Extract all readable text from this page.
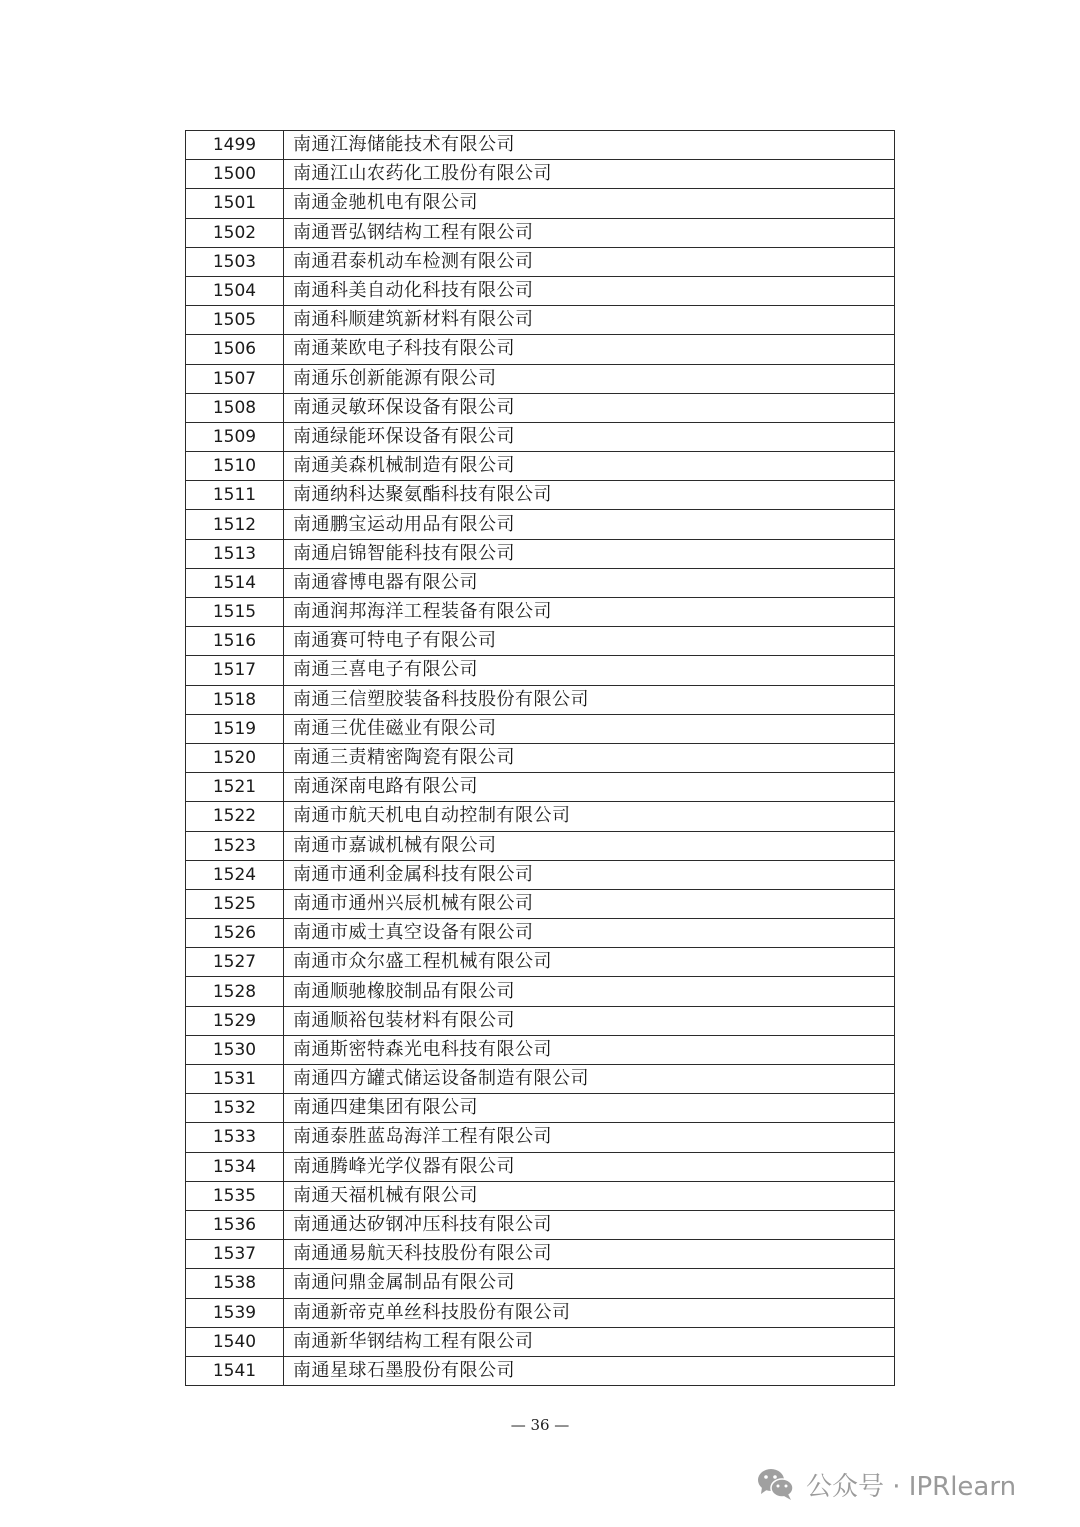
1499	南通江海储能技术有限公司
1500	南通江山农药化工股份有限公司
1501	南通金驰机电有限公司
1502	南通晋弘钢结构工程有限公司
1503	南通君泰机动车检测有限公司
1504	南通科美自动化科技有限公司
1505	南通科顺建筑新材料有限公司
1506	南通莱欧电子科技有限公司
1507	南通乐创新能源有限公司
1508	南通灵敏环保设备有限公司
1509	南通绿能环保设备有限公司
1510	南通美森机械制造有限公司
1511	南通纳科达聚氨酯科技有限公司
1512	南通鹏宝运动用品有限公司
1513	南通启锦智能科技有限公司
1514	南通睿博电器有限公司
1515	南通润邦海洋工程装备有限公司
1516	南通赛可特电子有限公司
1517	南通三喜电子有限公司
1518	南通三信塑胶装备科技股份有限公司
1519	南通三优佳磁业有限公司
1520	南通三责精密陶瓷有限公司
1521	南通深南电路有限公司
1522	南通市航天机电自动控制有限公司
1523	南通市嘉诚机械有限公司
1524	南通市通利金属科技有限公司
1525	南通市通州兴辰机械有限公司
1526	南通市威士真空设备有限公司
1527	南通市众尔盛工程机械有限公司
1528	南通顺驰橡胶制品有限公司
1529	南通顺裕包装材料有限公司
1530	南通斯密特森光电科技有限公司
1531	南通四方罐式储运设备制造有限公司
1532	南通四建集团有限公司
1533	南通泰胜蓝岛海洋工程有限公司
1534	南通腾峰光学仪器有限公司
1535	南通天福机械有限公司
1536	南通通达矽钢冲压科技有限公司
1537	南通通易航天科技股份有限公司
1538	南通问鼎金属制品有限公司
1539	南通新帝克单丝科技股份有限公司
1540	南通新华钢结构工程有限公司
1541	南通星球石墨股份有限公司
— 36 —
公众号 · IPRlearn
